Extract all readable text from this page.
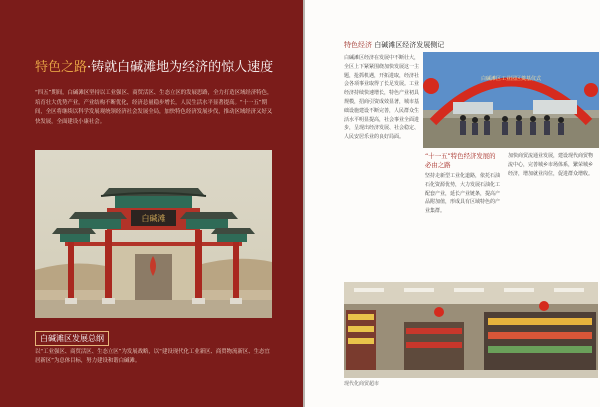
特色之路·铸就白碱滩地为经济的惊人速度
“四五”期间，白碱滩区坚持以工业强区、商贸活区、生态立区的发展思路，全力打造区域经济特色，培育壮大优势产业，产业结构不断优化，经济总量稳步增长，人民生活水平显著提高。“十一五”期间，全区将继续以科学发展观统领经济社会发展全局，加快特色经济发展步伐，推动区域经济又好又快发展，全面建设小康社会。
白碱滩
白碱滩区发展总纲
以“工业强区、商贸活区、生态立区”为发展战略，以“建设现代化工业新区、商贸物流新区、生态宜居新区”为总体目标，努力建设和谐白碱滩。
特色经济 白碱滩区经济发展侧记
白碱滩区经济在发展中不断壮大，全区上下紧紧围绕加快发展这一主题，抢抓机遇，开拓进取，经济社会各项事业取得了长足发展。工业经济持续快速增长，特色产业初具规模，招商引资成效显著，城市基础设施建设不断完善，人民群众生活水平明显提高，社会事业全面进步，呈现出经济发展、社会稳定、人民安居乐业的良好局面。
白碱滩区工业园区奠基仪式
“十一五”特色经济发展的必由之路
坚持走新型工业化道路，依托石油石化资源优势，大力发展石油化工配套产业，延长产业链条，提高产品附加值，形成具有区域特色的产业集群。
加快商贸流通业发展，建设现代商贸物流中心，完善城乡市场体系，繁荣城乡经济，增加就业岗位，促进群众增收。
现代化商贸超市
